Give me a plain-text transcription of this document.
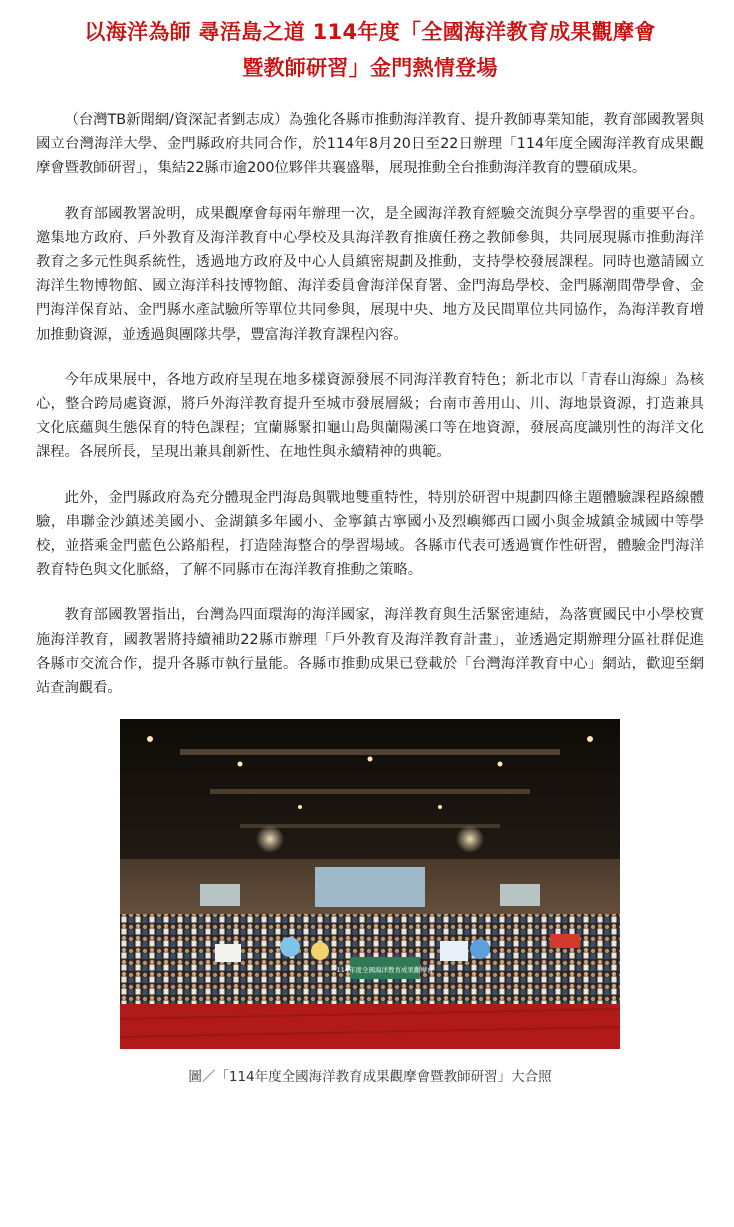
以海洋為師 尋浯島之道 114年度「全國海洋教育成果觀摩會
暨教師研習」金門熱情登場

（台灣TB新聞網/資深記者劉志成）為強化各縣市推動海洋教育、提升教師專業知能，教育部國教署與國立台灣海洋大學、金門縣政府共同合作，於114年8月20日至22日辦理「114年度全國海洋教育成果觀摩會暨教師研習」，集結22縣市逾200位夥伴共襄盛舉，展現推動全台推動海洋教育的豐碩成果。

教育部國教署說明，成果觀摩會每兩年辦理一次，是全國海洋教育經驗交流與分享學習的重要平台。邀集地方政府、戶外教育及海洋教育中心學校及具海洋教育推廣任務之教師參與，共同展現縣市推動海洋教育之多元性與系統性，透過地方政府及中心人員縝密規劃及推動，支持學校發展課程。同時也邀請國立海洋生物博物館、國立海洋科技博物館、海洋委員會海洋保育署、金門海島學校、金門縣潮間帶學會、金門海洋保育站、金門縣水產試驗所等單位共同參與，展現中央、地方及民間單位共同協作，為海洋教育增加推動資源，並透過與團隊共學，豐富海洋教育課程內容。

今年成果展中，各地方政府呈現在地多樣資源發展不同海洋教育特色；新北市以「青春山海線」為核心，整合跨局處資源，將戶外海洋教育提升至城市發展層級；台南市善用山、川、海地景資源，打造兼具文化底蘊與生態保育的特色課程；宜蘭縣緊扣龜山島與蘭陽溪口等在地資源，發展高度識別性的海洋文化課程。各展所長，呈現出兼具創新性、在地性與永續精神的典範。

此外，金門縣政府為充分體現金門海島與戰地雙重特性，特別於研習中規劃四條主題體驗課程路線體驗，串聯金沙鎮述美國小、金湖鎮多年國小、金寧鎮古寧國小及烈嶼鄉西口國小與金城鎮金城國中等學校，並搭乘金門藍色公路船程，打造陸海整合的學習場域。各縣市代表可透過實作性研習，體驗金門海洋教育特色與文化脈絡，了解不同縣市在海洋教育推動之策略。

教育部國教署指出，台灣為四面環海的海洋國家，海洋教育與生活緊密連結，為落實國民中小學校實施海洋教育，國教署將持續補助22縣市辦理「戶外教育及海洋教育計畫」，並透過定期辦理分區社群促進各縣市交流合作，提升各縣市執行量能。各縣市推動成果已登載於「台灣海洋教育中心」網站，歡迎至網站查詢觀看。

114年度全國海洋教育成果觀摩會
圖／「114年度全國海洋教育成果觀摩會暨教師研習」大合照
